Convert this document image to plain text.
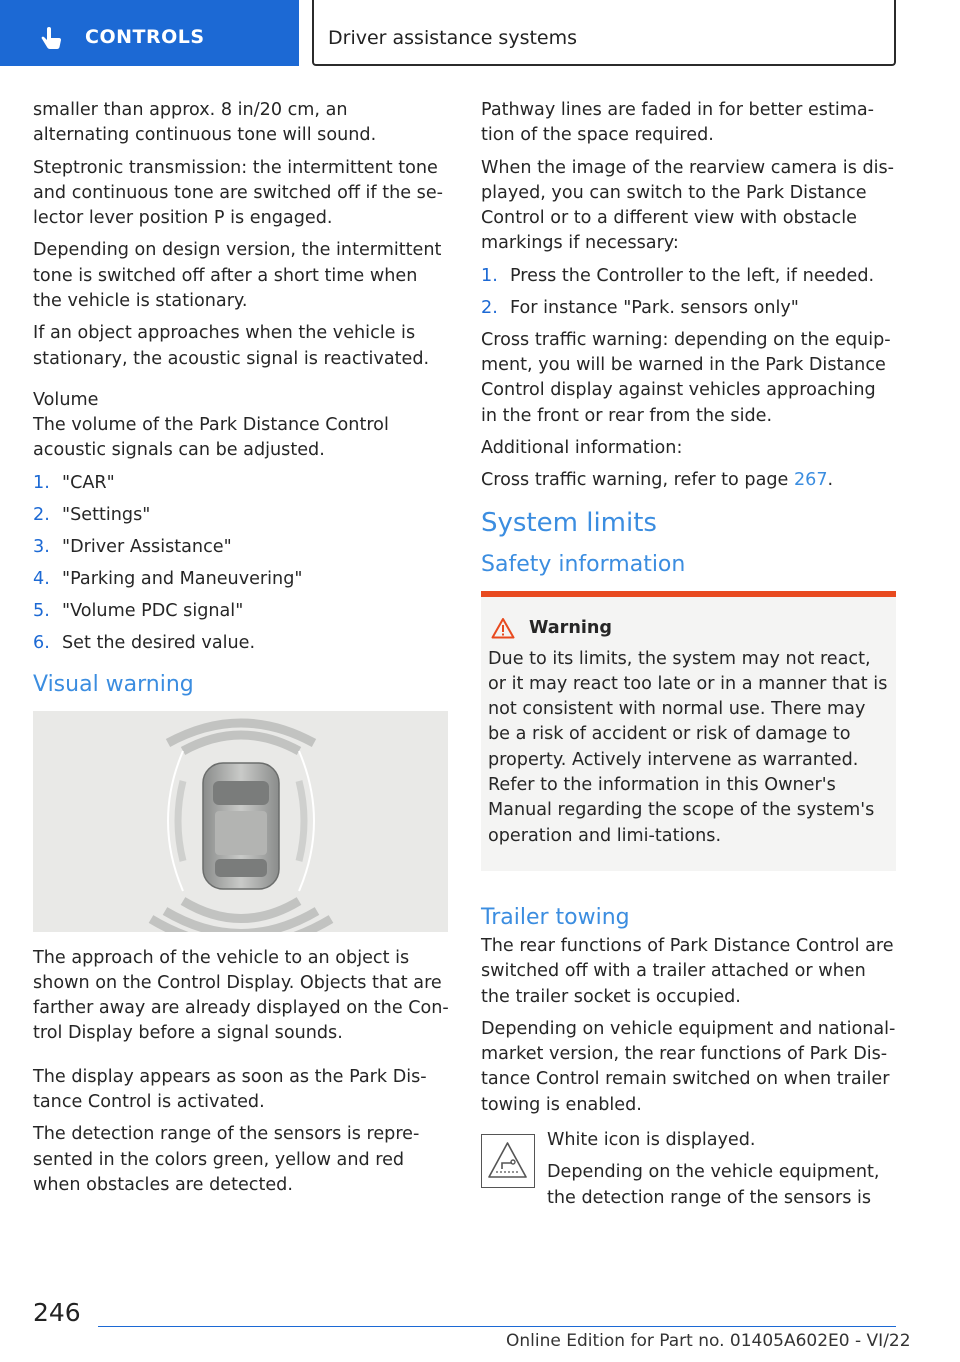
CONTROLS	Driver assistance systems

smaller than approx. 8 in/20 cm, an alternating continuous tone will sound.

Steptronic transmission: the intermittent tone and continuous tone are switched off if the se‐lector lever position P is engaged.

Depending on design version, the intermittent tone is switched off after a short time when the vehicle is stationary.

If an object approaches when the vehicle is stationary, the acoustic signal is reactivated.

Volume

The volume of the Park Distance Control acoustic signals can be adjusted.

1. "CAR"
2. "Settings"
3. "Driver Assistance"
4. "Parking and Maneuvering"
5. "Volume PDC signal"
6. Set the desired value.
Visual warning

The approach of the vehicle to an object is shown on the Control Display. Objects that are farther away are already displayed on the Con‐trol Display before a signal sounds.

The display appears as soon as the Park Dis‐tance Control is activated.

The detection range of the sensors is repre‐sented in the colors green, yellow and red when obstacles are detected.

Pathway lines are faded in for better estima‐tion of the space required.

When the image of the rearview camera is dis‐played, you can switch to the Park Distance Control or to a different view with obstacle markings if necessary:

1. Press the Controller to the left, if needed.
2. For instance "Park. sensors only"

Cross traffic warning: depending on the equip‐ment, you will be warned in the Park Distance Control display against vehicles approaching in the front or rear from the side.

Additional information:

Cross traffic warning, refer to page 267.

System limits
Safety information
Warning

Due to its limits, the system may not react, or it may react too late or in a manner that is not consistent with normal use. There may be a risk of accident or risk of damage to property. Actively intervene as warranted. Refer to the information in this Owner's Manual regarding the scope of the system's operation and limi‐tations.

Trailer towing

The rear functions of Park Distance Control are switched off with a trailer attached or when the trailer socket is occupied.

Depending on vehicle equipment and national-market version, the rear functions of Park Dis‐tance Control remain switched on when trailer towing is enabled.

White icon is displayed.

Depending on the vehicle equipment, the detection range of the sensors is

246
Online Edition for Part no. 01405A602E0 - VI/22
